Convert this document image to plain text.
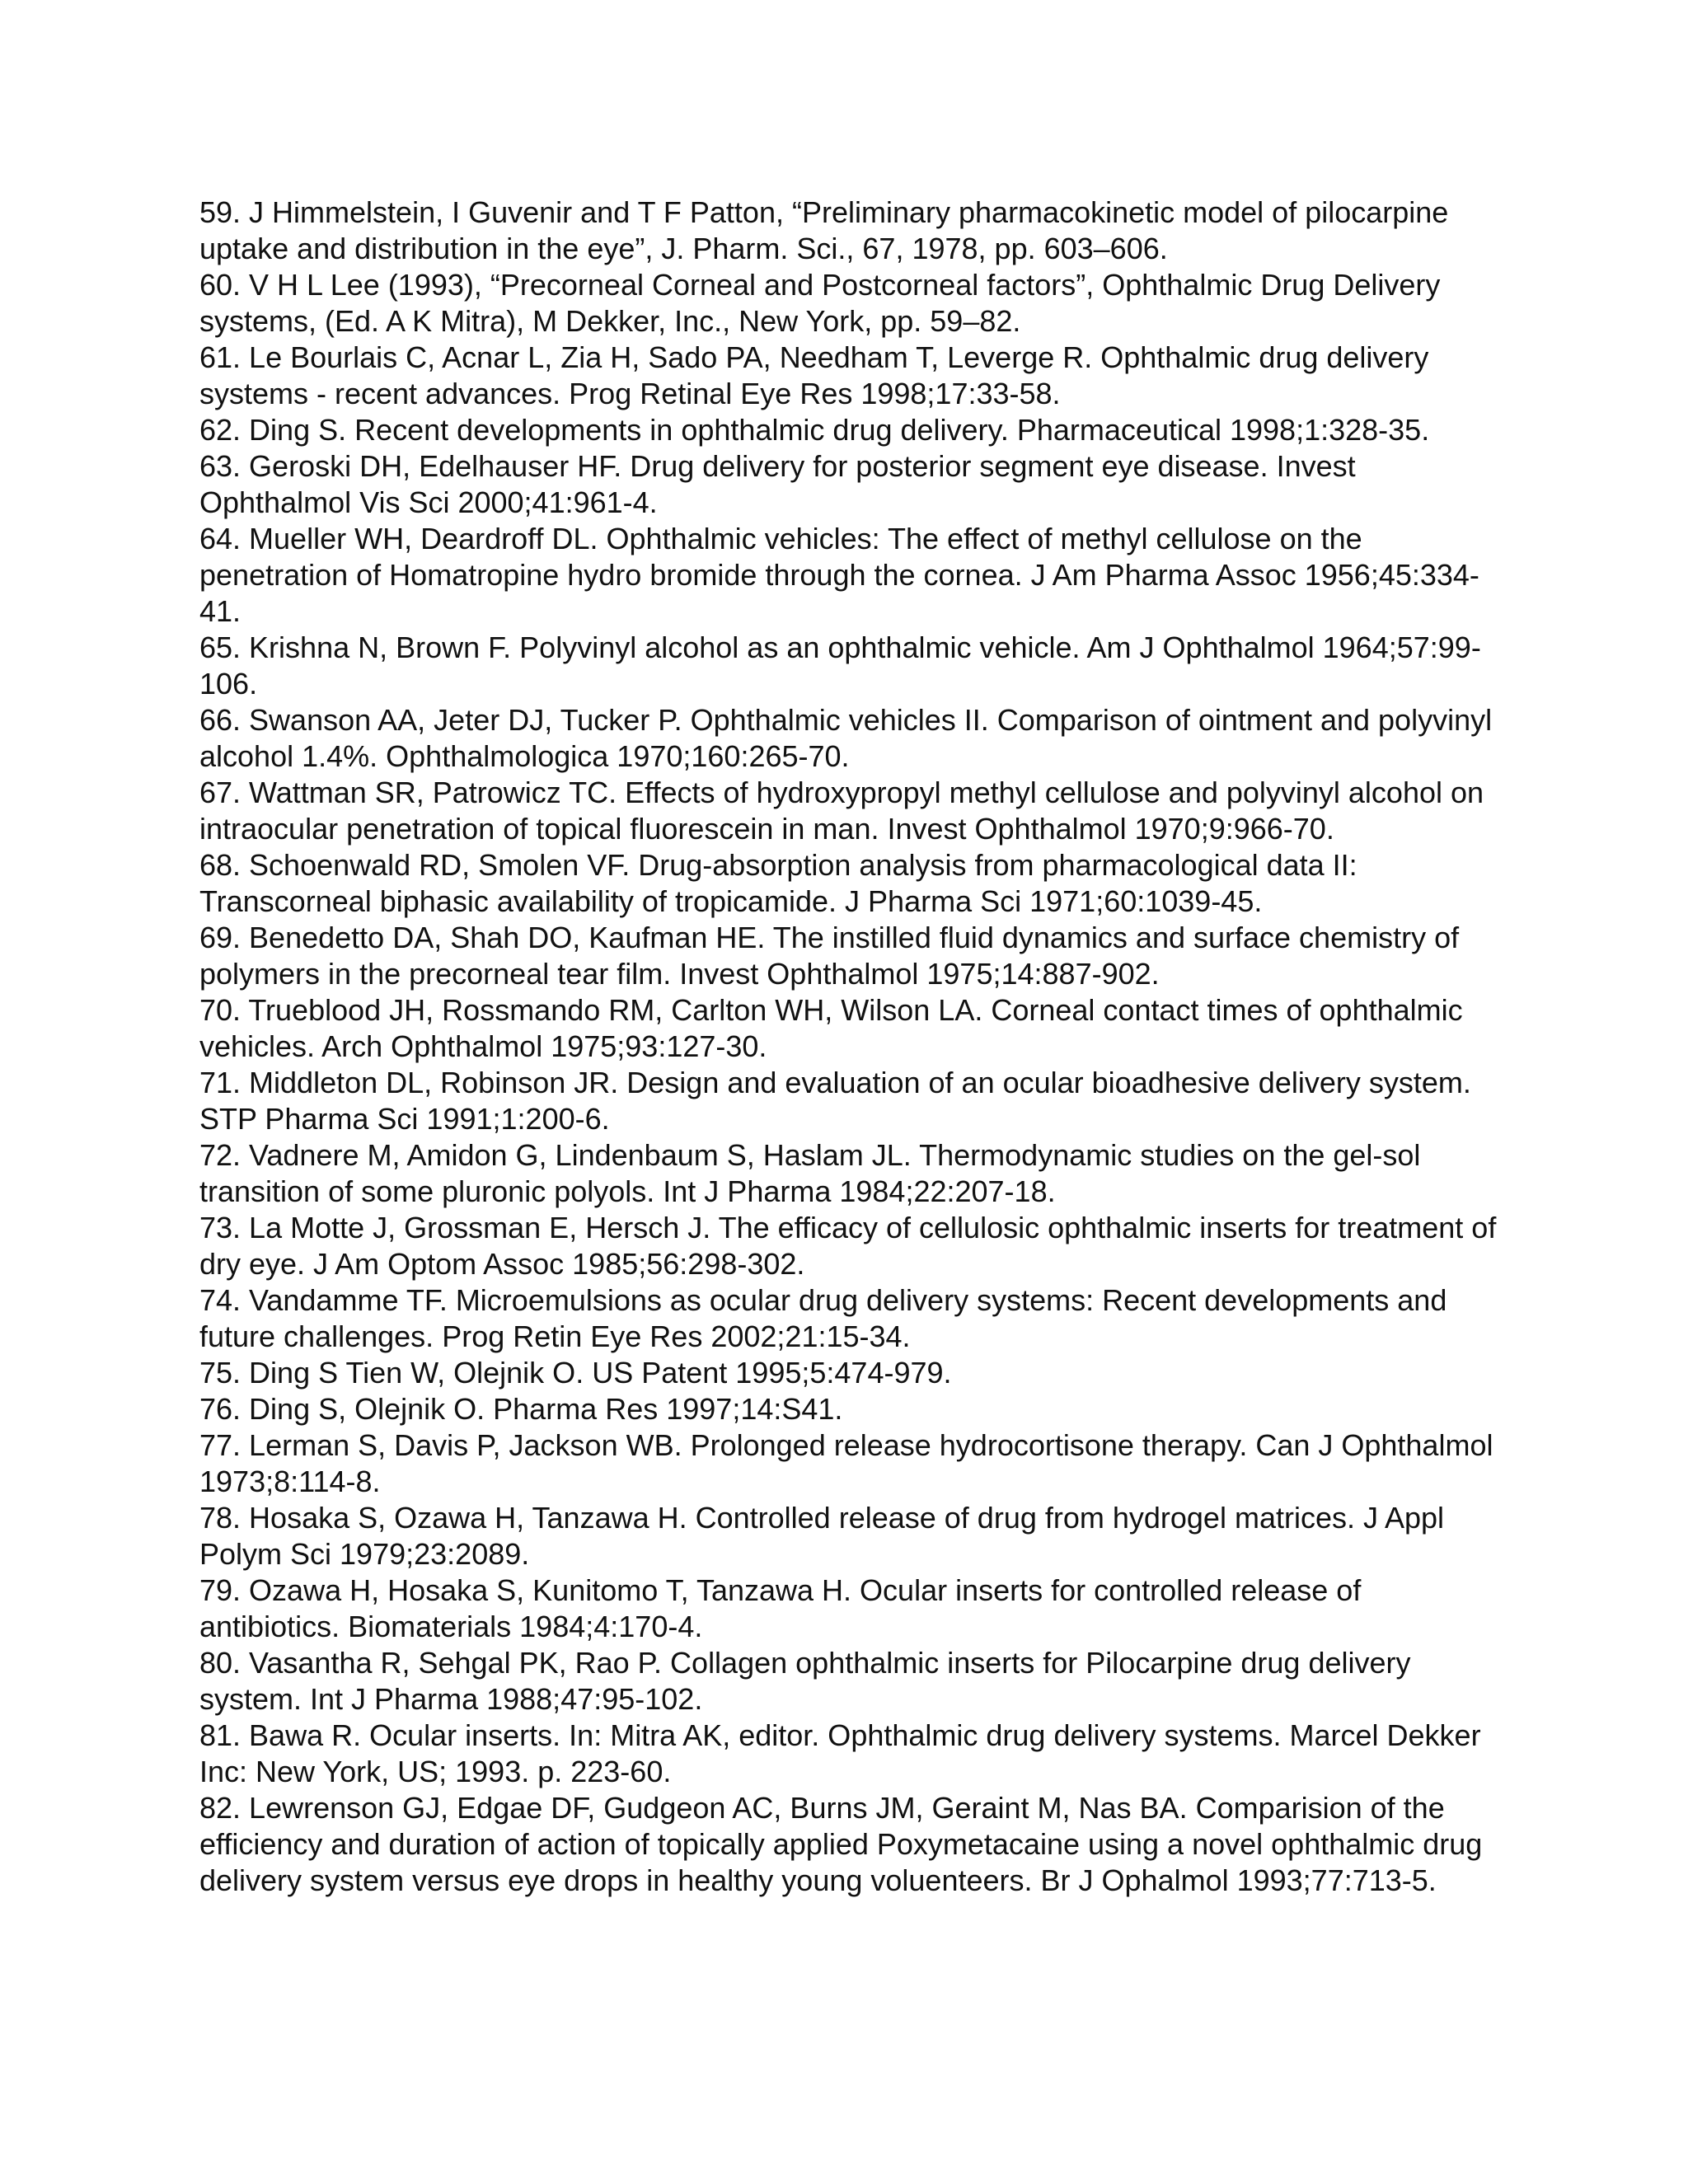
59. J Himmelstein, I Guvenir and T F Patton, “Preliminary pharmacokinetic model of pilocarpine uptake and distribution in the eye”, J. Pharm. Sci., 67, 1978, pp. 603–606.

60. V H L Lee (1993), “Precorneal Corneal and Postcorneal factors”, Ophthalmic Drug Delivery systems, (Ed. A K Mitra), M Dekker, Inc., New York, pp. 59–82.

61. Le Bourlais C, Acnar L, Zia H, Sado PA, Needham T, Leverge R. Ophthalmic drug delivery systems - recent advances. Prog Retinal Eye Res 1998;17:33-58.

62. Ding S. Recent developments in ophthalmic drug delivery. Pharmaceutical 1998;1:328-35.

63. Geroski DH, Edelhauser HF. Drug delivery for posterior segment eye disease. Invest Ophthalmol Vis Sci 2000;41:961-4.

64. Mueller WH, Deardroff DL. Ophthalmic vehicles: The effect of methyl cellulose on the penetration of Homatropine hydro bromide through the cornea. J Am Pharma Assoc 1956;45:334-41.

65. Krishna N, Brown F. Polyvinyl alcohol as an ophthalmic vehicle. Am J Ophthalmol 1964;57:99-106.

66. Swanson AA, Jeter DJ, Tucker P. Ophthalmic vehicles II. Comparison of ointment and polyvinyl alcohol 1.4%. Ophthalmologica 1970;160:265-70.

67. Wattman SR, Patrowicz TC. Effects of hydroxypropyl methyl cellulose and polyvinyl alcohol on intraocular penetration of topical fluorescein in man. Invest Ophthalmol 1970;9:966-70.

68. Schoenwald RD, Smolen VF. Drug-absorption analysis from pharmacological data II: Transcorneal biphasic availability of tropicamide. J Pharma Sci 1971;60:1039-45.

69. Benedetto DA, Shah DO, Kaufman HE. The instilled fluid dynamics and surface chemistry of polymers in the precorneal tear film. Invest Ophthalmol 1975;14:887-902.

70. Trueblood JH, Rossmando RM, Carlton WH, Wilson LA. Corneal contact times of ophthalmic vehicles. Arch Ophthalmol 1975;93:127-30.

71. Middleton DL, Robinson JR. Design and evaluation of an ocular bioadhesive delivery system. STP Pharma Sci 1991;1:200-6.

72. Vadnere M, Amidon G, Lindenbaum S, Haslam JL. Thermodynamic studies on the gel-sol transition of some pluronic polyols. Int J Pharma 1984;22:207-18.

73. La Motte J, Grossman E, Hersch J. The efficacy of cellulosic ophthalmic inserts for treatment of dry eye. J Am Optom Assoc 1985;56:298-302.

74. Vandamme TF. Microemulsions as ocular drug delivery systems: Recent developments and future challenges. Prog Retin Eye Res 2002;21:15-34.

75. Ding S Tien W, Olejnik O. US Patent 1995;5:474-979.

76. Ding S, Olejnik O. Pharma Res 1997;14:S41.

77. Lerman S, Davis P, Jackson WB. Prolonged release hydrocortisone therapy. Can J Ophthalmol 1973;8:114-8.

78. Hosaka S, Ozawa H, Tanzawa H. Controlled release of drug from hydrogel matrices. J Appl Polym Sci 1979;23:2089.

79. Ozawa H, Hosaka S, Kunitomo T, Tanzawa H. Ocular inserts for controlled release of antibiotics. Biomaterials 1984;4:170-4.

80. Vasantha R, Sehgal PK, Rao P. Collagen ophthalmic inserts for Pilocarpine drug delivery system. Int J Pharma 1988;47:95-102.

81. Bawa R. Ocular inserts. In: Mitra AK, editor. Ophthalmic drug delivery systems. Marcel Dekker Inc: New York, US; 1993. p. 223-60.

82. Lewrenson GJ, Edgae DF, Gudgeon AC, Burns JM, Geraint M, Nas BA. Comparision of the efficiency and duration of action of topically applied Poxymetacaine using a novel ophthalmic drug delivery system versus eye drops in healthy young voluenteers. Br J Ophalmol 1993;77:713-5.
